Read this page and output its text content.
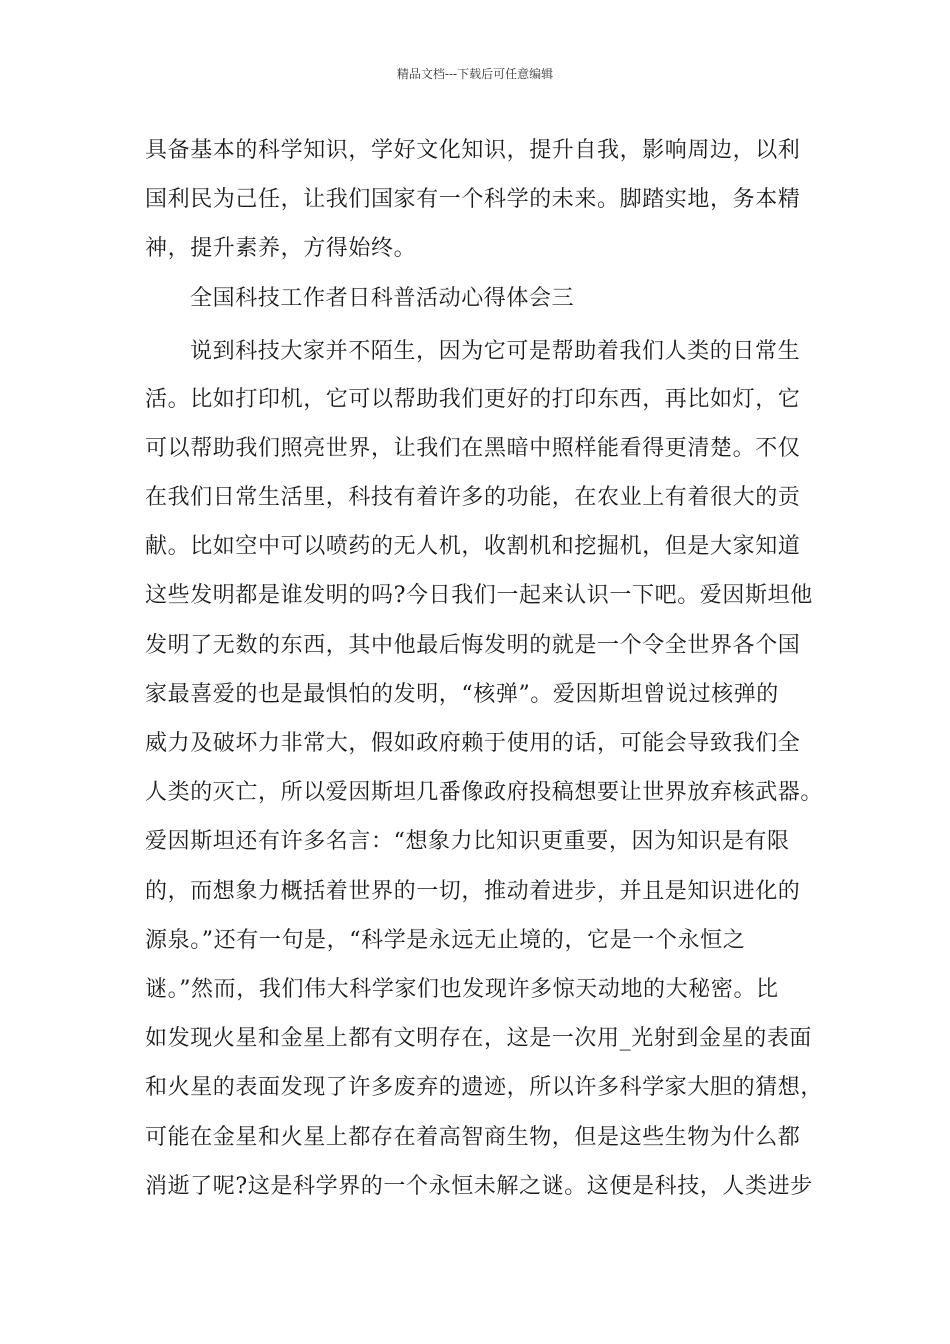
精品文档---下载后可任意编辑

具备基本的科学知识，学好文化知识，提升自我，影响周边，以利

国利民为己任，让我们国家有一个科学的未来。脚踏实地，务本精

神，提升素养，方得始终。

全国科技工作者日科普活动心得体会三

说到科技大家并不陌生，因为它可是帮助着我们人类的日常生

活。比如打印机，它可以帮助我们更好的打印东西，再比如灯，它

可以帮助我们照亮世界，让我们在黑暗中照样能看得更清楚。不仅

在我们日常生活里，科技有着许多的功能，在农业上有着很大的贡

献。比如空中可以喷药的无人机，收割机和挖掘机，但是大家知道

这些发明都是谁发明的吗?今日我们一起来认识一下吧。爱因斯坦他

发明了无数的东西，其中他最后悔发明的就是一个令全世界各个国

家最喜爱的也是最惧怕的发明，“核弹”。爱因斯坦曾说过核弹的

威力及破坏力非常大，假如政府赖于使用的话，可能会导致我们全

人类的灭亡，所以爱因斯坦几番像政府投稿想要让世界放弃核武器。

爱因斯坦还有许多名言：“想象力比知识更重要，因为知识是有限

的，而想象力概括着世界的一切，推动着进步，并且是知识进化的

源泉。”还有一句是，“科学是永远无止境的，它是一个永恒之

谜。”然而，我们伟大科学家们也发现许多惊天动地的大秘密。比

如发现火星和金星上都有文明存在，这是一次用_光射到金星的表面

和火星的表面发现了许多废弃的遗迹，所以许多科学家大胆的猜想，

可能在金星和火星上都存在着高智商生物，但是这些生物为什么都

消逝了呢?这是科学界的一个永恒未解之谜。这便是科技，人类进步
